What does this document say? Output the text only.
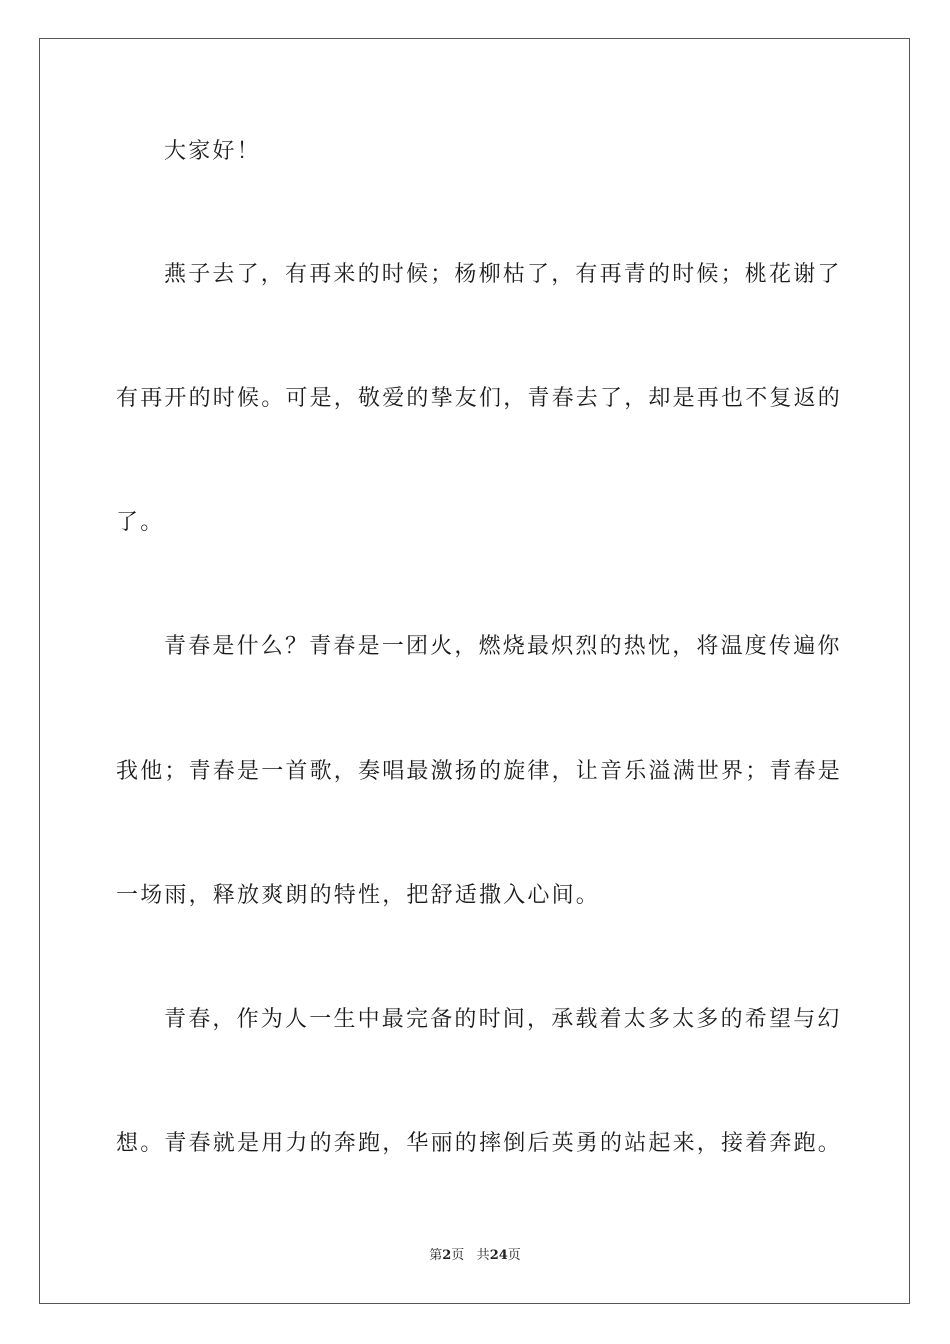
大家好！
燕子去了，有再来的时候；杨柳枯了，有再青的时候；桃花谢了
有再开的时候。可是，敬爱的挚友们，青春去了，却是再也不复返的
了。
青春是什么？青春是一团火，燃烧最炽烈的热忱，将温度传遍你
我他；青春是一首歌，奏唱最激扬的旋律，让音乐溢满世界；青春是
一场雨，释放爽朗的特性，把舒适撒入心间。
青春，作为人一生中最完备的时间，承载着太多太多的希望与幻
想。青春就是用力的奔跑，华丽的摔倒后英勇的站起来，接着奔跑。
第2页 共24页
